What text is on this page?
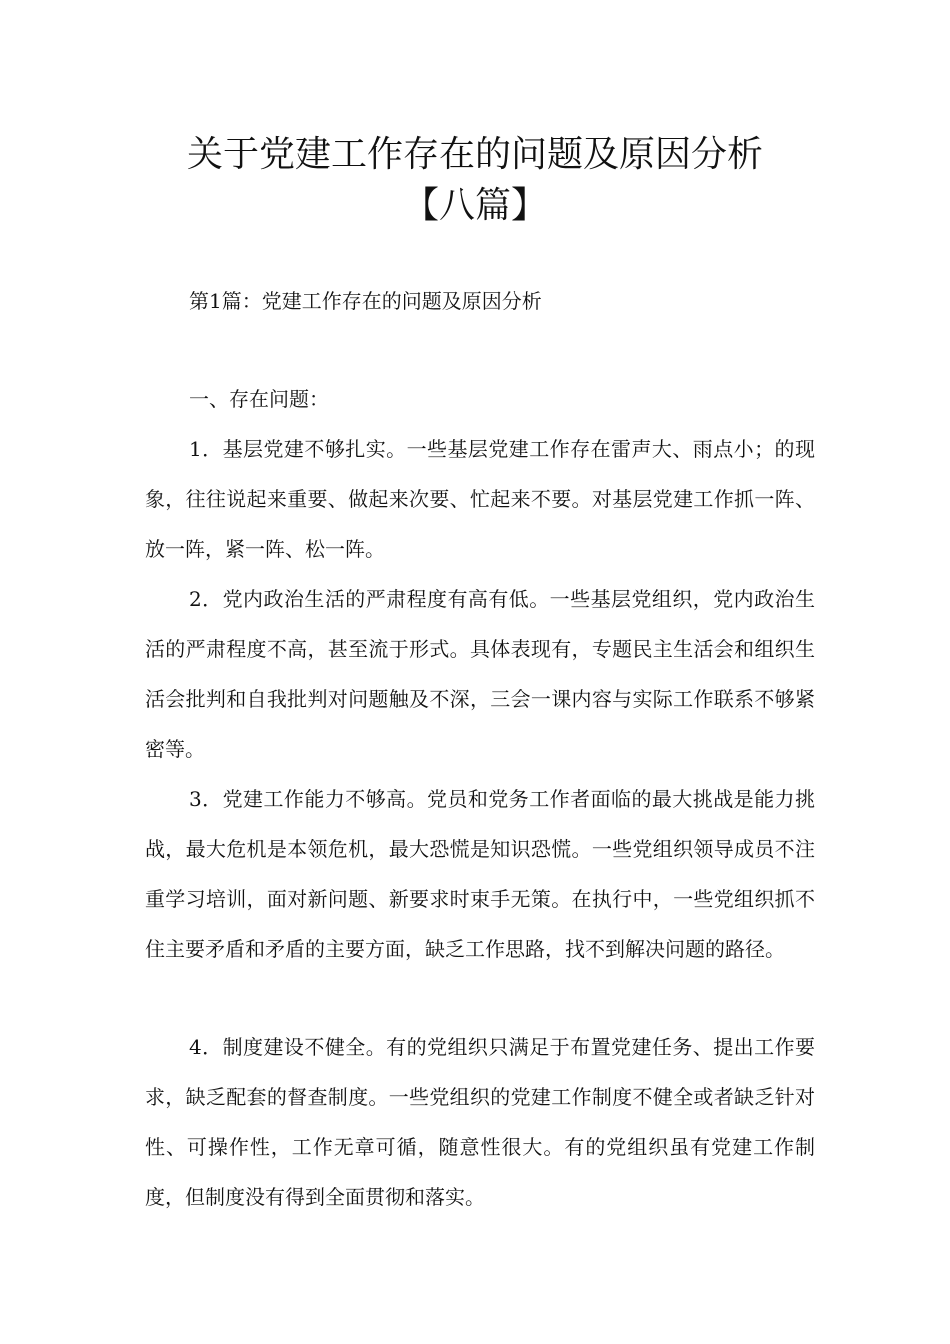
关于党建工作存在的问题及原因分析
【八篇】

第1篇：党建工作存在的问题及原因分析

一、存在问题：

1．基层党建不够扎实。一些基层党建工作存在雷声大、雨点小；的现象，往往说起来重要、做起来次要、忙起来不要。对基层党建工作抓一阵、放一阵，紧一阵、松一阵。

2．党内政治生活的严肃程度有高有低。一些基层党组织，党内政治生活的严肃程度不高，甚至流于形式。具体表现有，专题民主生活会和组织生活会批判和自我批判对问题触及不深，三会一课内容与实际工作联系不够紧密等。

3．党建工作能力不够高。党员和党务工作者面临的最大挑战是能力挑战，最大危机是本领危机，最大恐慌是知识恐慌。一些党组织领导成员不注重学习培训，面对新问题、新要求时束手无策。在执行中，一些党组织抓不住主要矛盾和矛盾的主要方面，缺乏工作思路，找不到解决问题的路径。

4．制度建设不健全。有的党组织只满足于布置党建任务、提出工作要求，缺乏配套的督查制度。一些党组织的党建工作制度不健全或者缺乏针对性、可操作性，工作无章可循，随意性很大。有的党组织虽有党建工作制度，但制度没有得到全面贯彻和落实。
